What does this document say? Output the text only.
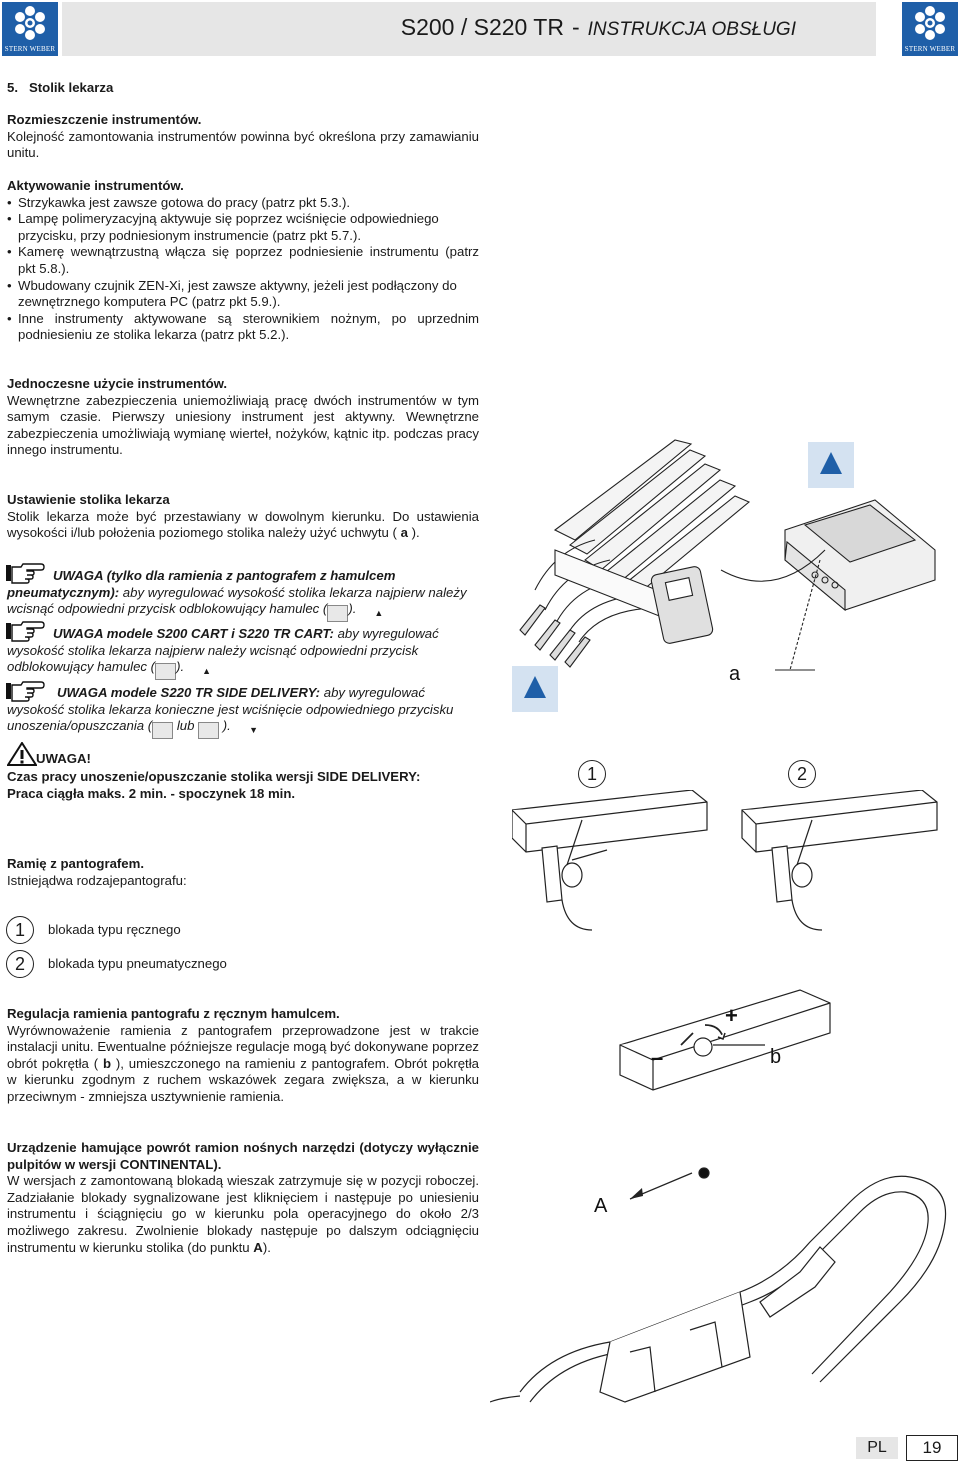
STERN WEBER
S200 / S220 TR - INSTRUKCJA OBSŁUGI
STERN WEBER
5.   Stolik lekarza
Rozmieszczenie instrumentów.
Kolejność zamontowania instrumentów powinna być określona przy zamawianiu unitu.
Aktywowanie instrumentów.
• Strzykawka jest zawsze gotowa do pracy (patrz pkt 5.3.).
• Lampę polimeryzacyjną aktywuje się poprzez wciśnięcie odpowiedniego przycisku, przy podniesionym instrumencie (patrz pkt 5.7.).
• Kamerę wewnątrzustną włącza się poprzez podniesienie instrumentu (patrz pkt 5.8.).
• Wbudowany czujnik ZEN-Xi, jest zawsze aktywny, jeżeli jest podłączony do zewnętrznego komputera PC (patrz pkt 5.9.).
• Inne instrumenty aktywowane są sterownikiem nożnym, po uprzednim podniesieniu ze stolika lekarza (patrz pkt 5.2.).
Jednoczesne użycie instrumentów.
Wewnętrzne zabezpieczenia uniemożliwiają pracę dwóch instrumentów w tym samym czasie. Pierwszy uniesiony instrument jest aktywny. Wewnętrzne zabezpieczenia umożliwiają wymianę wierteł, nożyków, kątnic itp. podczas pracy innego instrumentu.
Ustawienie stolika lekarza
Stolik lekarza może być przestawiany w dowolnym kierunku. Do ustawienia wysokości i/lub położenia poziomego stolika należy użyć uchwytu ( a ).
UWAGA (tylko dla ramienia z pantografem z hamulcem pneumatycznym): aby wyregulować wysokość stolika lekarza najpierw należy wcisnąć odpowiedni przycisk odblokowujący hamulec (	▲).
UWAGA modele S200 CART i S220 TR CART: aby wyregulować wysokość stolika lekarza najpierw należy wcisnąć odpowiedni przycisk odblokowujący hamulec (	▲).
UWAGA modele S220 TR SIDE DELIVERY: aby wyregulować wysokość stolika lekarza konieczne jest wciśnięcie odpowiedniego przycisku unoszenia/opuszczania ( lub	▼ ).
UWAGA!
Czas pracy unoszenie/opuszczanie stolika wersji SIDE DELIVERY:
Praca ciągła maks. 2 min. - spoczynek 18 min.
Ramię z pantografem.
Istniejądwa rodzajepantografu:
1	blokada typu ręcznego
2	blokada typu pneumatycznego
Regulacja ramienia pantografu z ręcznym hamulcem.
Wyrównoważenie ramienia z pantografem przeprowadzone jest w trakcie instalacji unitu. Ewentualne późniejsze regulacje mogą być dokonywane poprzez obrót pokrętła ( b ), umieszczonego na ramieniu z pantografem. Obrót pokrętła w kierunku zgodnym z ruchem wskazówek zegara zwiększa, a w kierunku przeciwnym - zmniejsza usztywnienie ramienia.
Urządzenie hamujące powrót ramion nośnych narzędzi (dotyczy wyłącznie pulpitów w wersji CONTINENTAL).
W wersjach z zamontowaną blokadą wieszak zatrzymuje się w pozycji roboczej. Zadziałanie blokady sygnalizowane jest kliknięciem i następuje po uniesieniu instrumentu i ściągnięciu go w kierunku pola operacyjnego do około 2/3 możliwego zakresu. Zwolnienie blokady następuje po dalszym odciągnięciu instrumentu w kierunku stolika (do punktu A).
a
1	2
–
+
b
A
PL	19
